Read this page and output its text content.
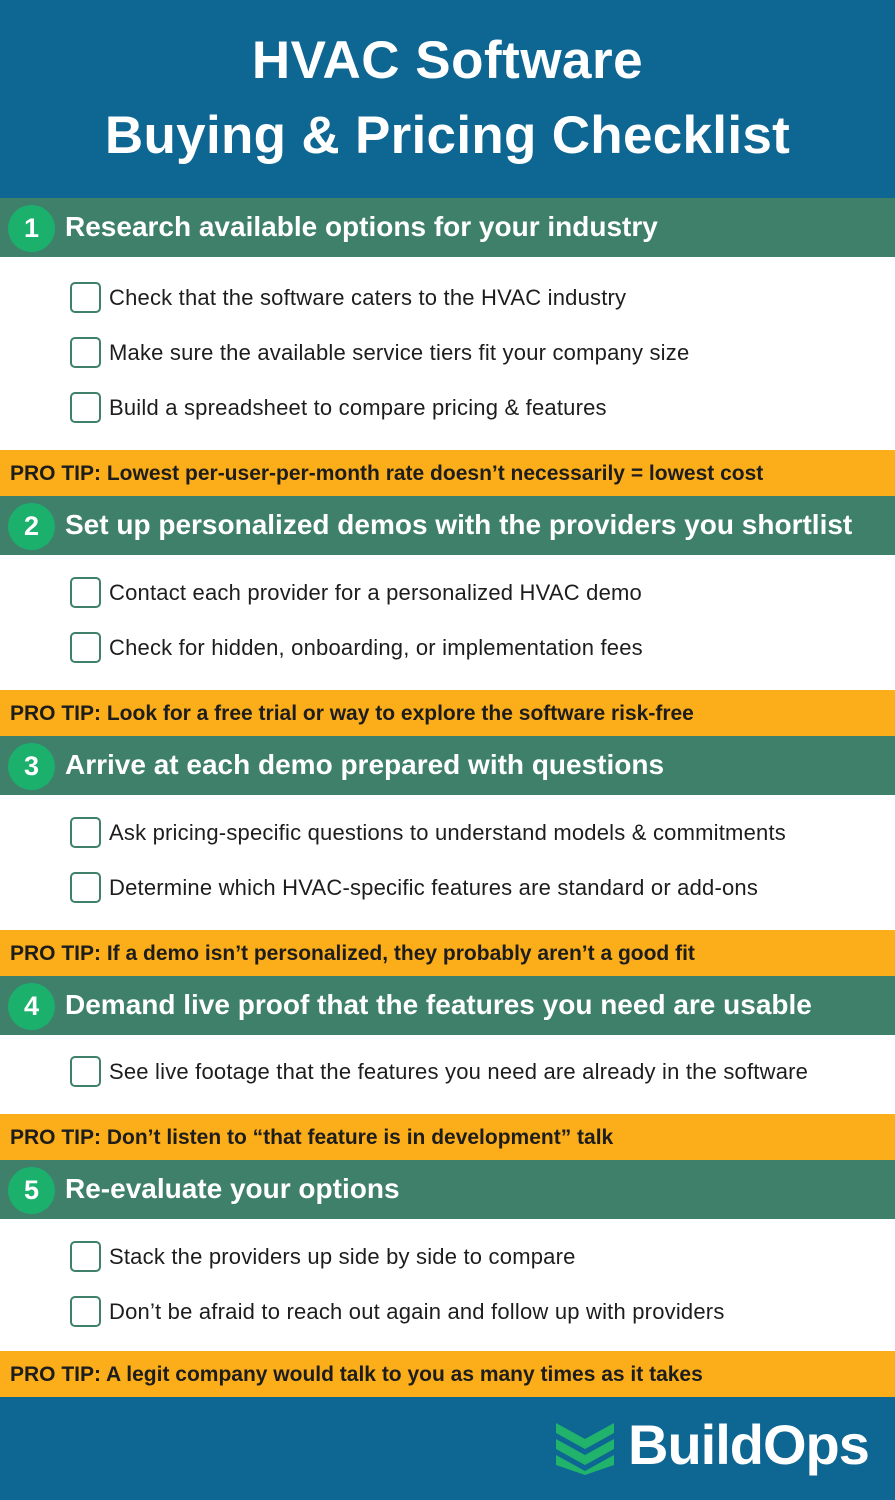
HVAC Software
Buying & Pricing Checklist
1 Research available options for your industry
Check that the software caters to the HVAC industry
Make sure the available service tiers fit your company size
Build a spreadsheet to compare pricing & features
PRO TIP: Lowest per-user-per-month rate doesn’t necessarily = lowest cost
2 Set up personalized demos with the providers you shortlist
Contact each provider for a personalized HVAC demo
Check for hidden, onboarding, or implementation fees
PRO TIP: Look for a free trial or way to explore the software risk-free
3 Arrive at each demo prepared with questions
Ask pricing-specific questions to understand models & commitments
Determine which HVAC-specific features are standard or add-ons
PRO TIP: If a demo isn’t personalized, they probably aren’t a good fit
4 Demand live proof that the features you need are usable
See live footage that the features you need are already in the software
PRO TIP: Don’t listen to “that feature is in development” talk
5 Re-evaluate your options
Stack the providers up side by side to compare
Don’t be afraid to reach out again and follow up with providers
PRO TIP: A legit company would talk to you as many times as it takes
BuildOps
